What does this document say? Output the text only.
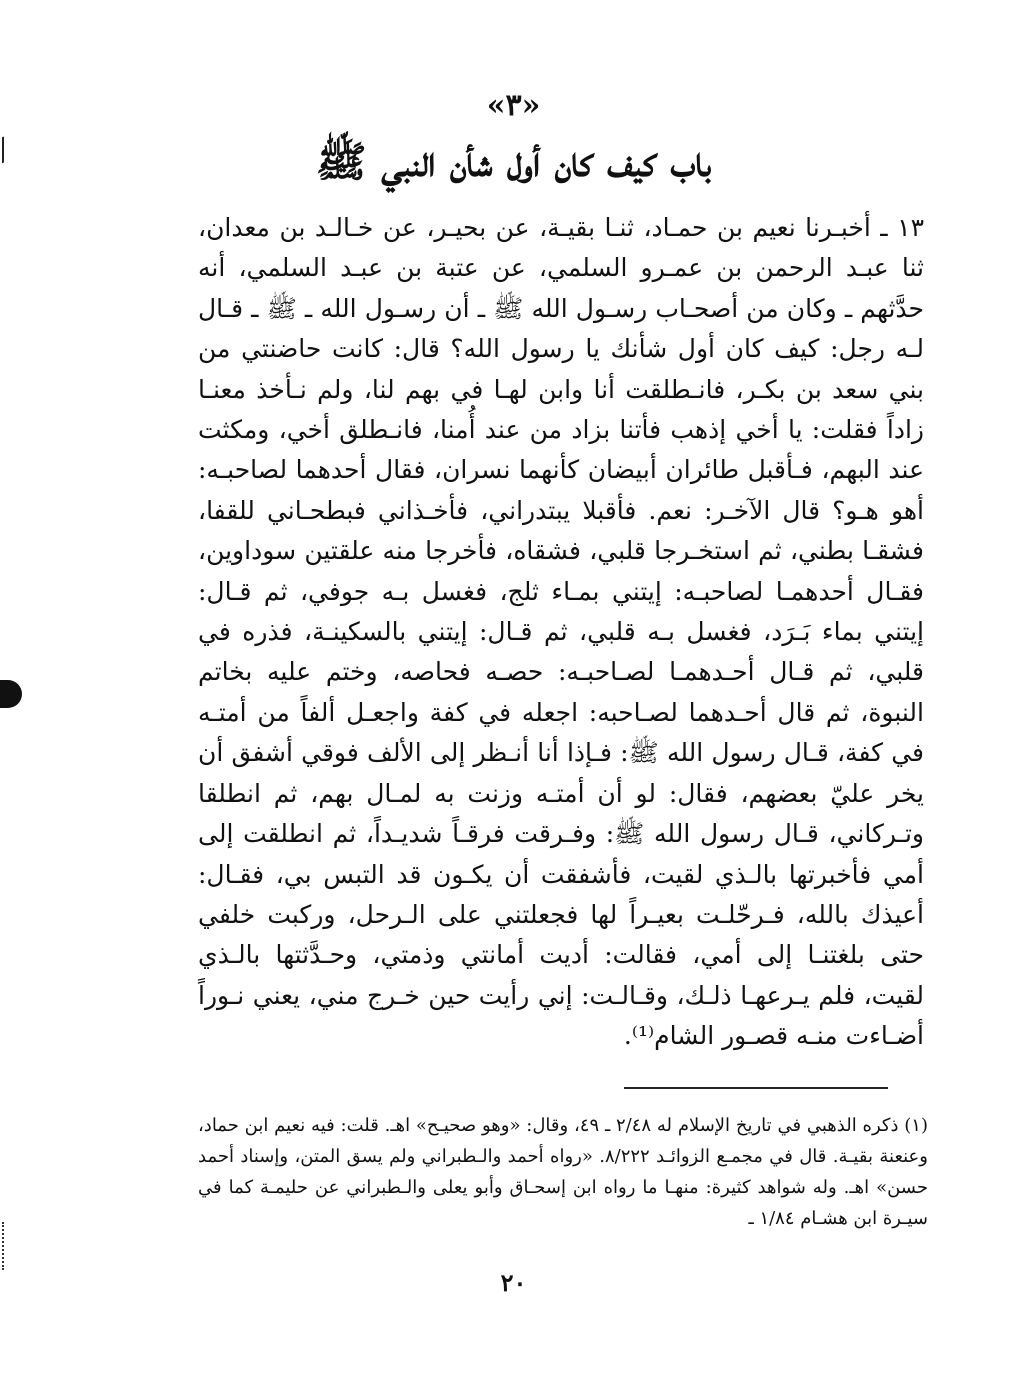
«٣»
باب كيف كان أول شأن النبي ﷺ

١٣ ـ أخبـرنا نعيم بن حمـاد، ثنـا بقيـة، عن بحيـر، عن خـالـد بن معدان، ثنا عبـد الرحمن بن عمـرو السلمي، عن عتبة بن عبـد السلمي، أنه حدَّثهم ـ وكان من أصحـاب رسـول الله ﷺ ـ أن رسـول الله ـ ﷺ ـ قـال لـه رجل: كيف كان أول شأنك يا رسول الله؟ قال: كانت حاضنتي من بني سعد بن بكـر، فانـطلقت أنا وابن لهـا في بهم لنا، ولم نـأخذ معنـا زاداً فقلت: يا أخي إذهب فأتنا بزاد من عند أُمنا، فانـطلق أخي، ومكثت عند البهم، فـأقبل طائران أبيضان كأنهما نسران، فقال أحدهما لصاحبـه: أهو هـو؟ قال الآخـر: نعم. فأقبلا يبتدراني، فأخـذاني فبطحـاني للقفا، فشقـا بطني، ثم استخـرجا قلبي، فشقاه، فأخرجا منه علقتين سوداوين، فقـال أحدهمـا لصاحبـه: إيتني بمـاء ثلج، فغسل بـه جوفي، ثم قـال: إيتني بماء بَـرَد، فغسل بـه قلبي، ثم قـال: إيتني بالسكينـة، فذره في قلبي، ثم قـال أحـدهمـا لصـاحبـه: حصـه فحاصه، وختم عليه بخاتم النبوة، ثم قال أحـدهما لصـاحبه: اجعله في كفة واجعـل ألفاً من أمتـه في كفة، قـال رسول الله ﷺ: فـإذا أنا أنـظر إلى الألف فوقي أشفق أن يخر عليّ بعضهم، فقال: لو أن أمتـه وزنت به لمـال بهم، ثم انطلقا وتـركاني، قـال رسول الله ﷺ: وفـرقت فرقـاً شديـداً، ثم انطلقت إلى أمي فأخبرتها بالـذي لقيت، فأشفقت أن يكـون قد التبس بي، فقـال: أعيذك بالله، فـرحّلـت بعيـراً لها فجعلتني على الـرحل، وركبت خلفي حتى بلغتنـا إلى أمي، فقالت: أديت أمانتي وذمتي، وحـدَّثتها بالـذي لقيت، فلم يـرعهـا ذلـك، وقـالـت: إني رأيت حين خـرج مني، يعني نـوراً أضـاءت منـه قصـور الشام⁽¹⁾.

(١) ذكره الذهبي في تاريخ الإسلام له ٢/٤٨ ـ ٤٩، وقال: «وهو صحيـح» اهـ. قلت: فيه نعيم ابن حماد، وعنعنة بقيـة. قال في مجمـع الزوائـد ٨/٢٢٢. «رواه أحمد والـطبراني ولم يسق المتن، وإسناد أحمد حسن» اهـ. وله شواهد كثيرة: منهـا ما رواه ابن إسحـاق وأبو يعلى والـطبراني عن حليمـة كما في سيـرة ابن هشـام ١/٨٤ ـ

٢٠
